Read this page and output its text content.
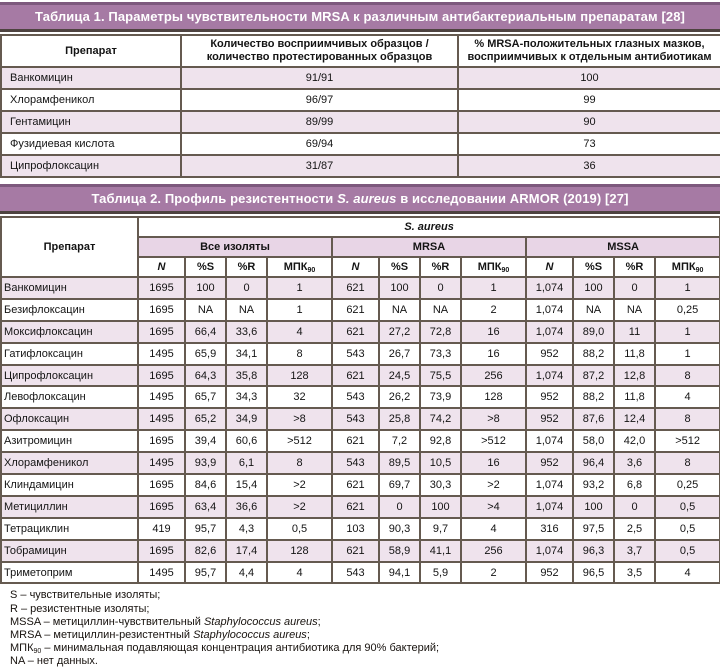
Таблица 1. Параметры чувствительности MRSA к различным антибактериальным препаратам [28]
Препарат	Количество восприимчивых образцов / количество протестированных образцов	% MRSA-положительных глазных мазков, восприимчивых к отдельным антибиотикам
Ванкомицин	91/91	100
Хлорамфеникол	96/97	99
Гентамицин	89/99	90
Фузидиевая кислота	69/94	73
Ципрофлоксацин	31/87	36
Таблица 2. Профиль резистентности S. aureus в исследовании ARMOR (2019) [27]
Препарат	S. aureus											
	Все изоляты				MRSA				MSSA			
	N	%S	%R	$МПК_{90}$	N	%S	%R	$МПК_{90}$	N	%S	%R	$МПК_{90}$
Ванкомицин	1695	100	0	1	621	100	0	1	1,074	100	0	1
Безифлоксацин	1695	NA	NA	1	621	NA	NA	2	1,074	NA	NA	0,25
Моксифлоксацин	1695	66,4	33,6	4	621	27,2	72,8	16	1,074	89,0	11	1
Гатифлоксацин	1495	65,9	34,1	8	543	26,7	73,3	16	952	88,2	11,8	1
Ципрофлоксацин	1695	64,3	35,8	128	621	24,5	75,5	256	1,074	87,2	12,8	8
Левофлоксацин	1495	65,7	34,3	32	543	26,2	73,9	128	952	88,2	11,8	4
Офлоксацин	1495	65,2	34,9	>8	543	25,8	74,2	>8	952	87,6	12,4	8
Азитромицин	1695	39,4	60,6	>512	621	7,2	92,8	>512	1,074	58,0	42,0	>512
Хлорамфеникол	1495	93,9	6,1	8	543	89,5	10,5	16	952	96,4	3,6	8
Клиндамицин	1695	84,6	15,4	>2	621	69,7	30,3	>2	1,074	93,2	6,8	0,25
Метициллин	1695	63,4	36,6	>2	621	0	100	>4	1,074	100	0	0,5
Тетрациклин	419	95,7	4,3	0,5	103	90,3	9,7	4	316	97,5	2,5	0,5
Тобрамицин	1695	82,6	17,4	128	621	58,9	41,1	256	1,074	96,3	3,7	0,5
Триметоприм	1495	95,7	4,4	4	543	94,1	5,9	2	952	96,5	3,5	4
S – чувствительные изоляты;
R – резистентные изоляты;
MSSA – метициллин-чувствительный Staphylococcus aureus;
MRSA – метициллин-резистентный Staphylococcus aureus;
$МПК_{90}$ – минимальная подавляющая концентрация антибиотика для 90% бактерий;
NA – нет данных.
